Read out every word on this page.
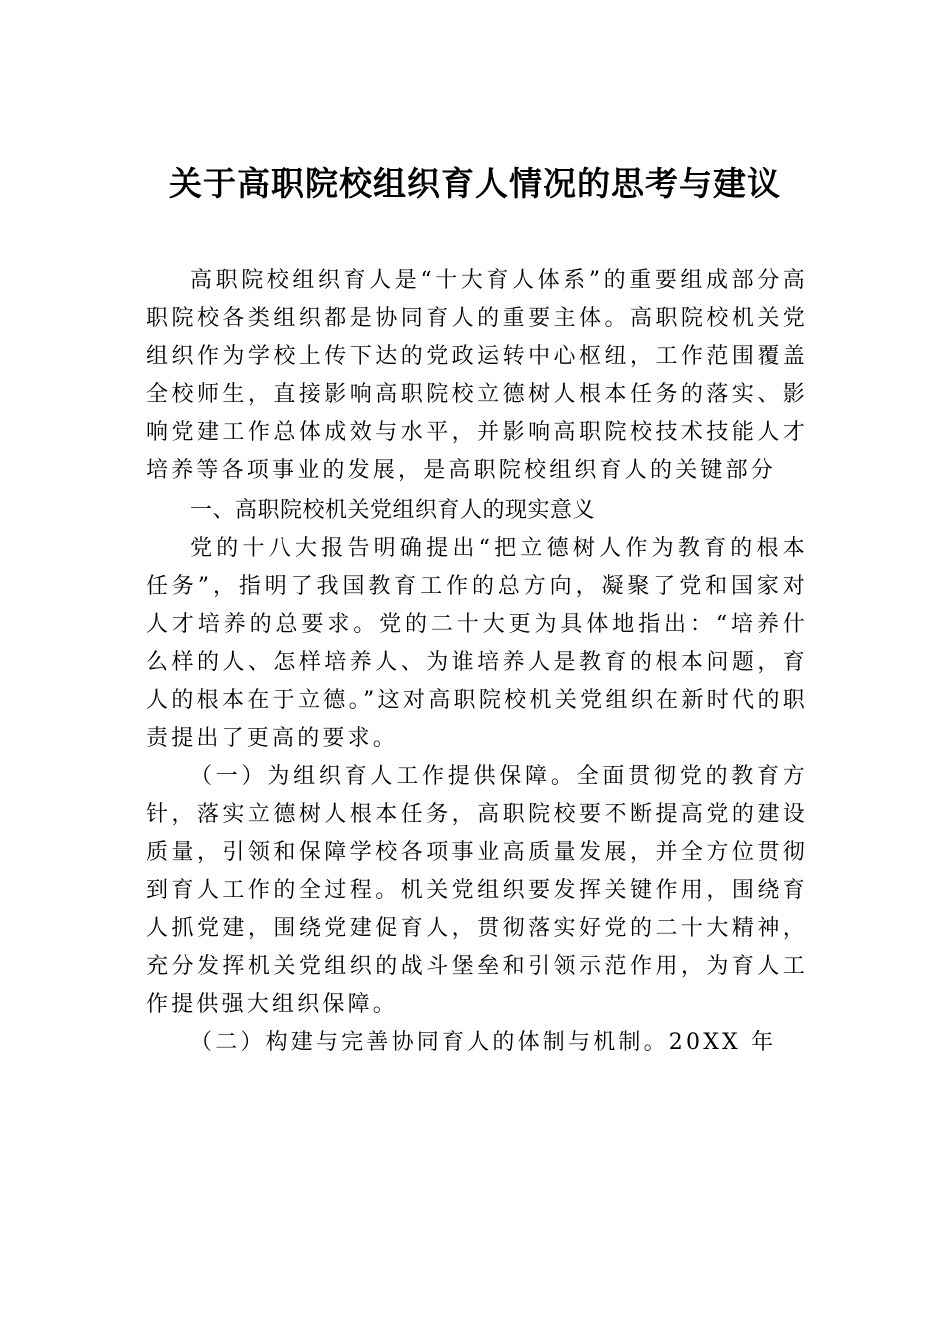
关于高职院校组织育人情况的思考与建议

高职院校组织育人是“十大育人体系”的重要组成部分高职院校各类组织都是协同育人的重要主体。高职院校机关党组织作为学校上传下达的党政运转中心枢纽，工作范围覆盖全校师生，直接影响高职院校立德树人根本任务的落实、影响党建工作总体成效与水平，并影响高职院校技术技能人才培养等各项事业的发展，是高职院校组织育人的关键部分

一、高职院校机关党组织育人的现实意义

党的十八大报告明确提出“把立德树人作为教育的根本任务”，指明了我国教育工作的总方向，凝聚了党和国家对人才培养的总要求。党的二十大更为具体地指出：“培养什么样的人、怎样培养人、为谁培养人是教育的根本问题，育人的根本在于立德。”这对高职院校机关党组织在新时代的职责提出了更高的要求。

（一）为组织育人工作提供保障。全面贯彻党的教育方针，落实立德树人根本任务，高职院校要不断提高党的建设质量，引领和保障学校各项事业高质量发展，并全方位贯彻到育人工作的全过程。机关党组织要发挥关键作用，围绕育人抓党建，围绕党建促育人，贯彻落实好党的二十大精神，充分发挥机关党组织的战斗堡垒和引领示范作用，为育人工作提供强大组织保障。

（二）构建与完善协同育人的体制与机制。20XX 年
